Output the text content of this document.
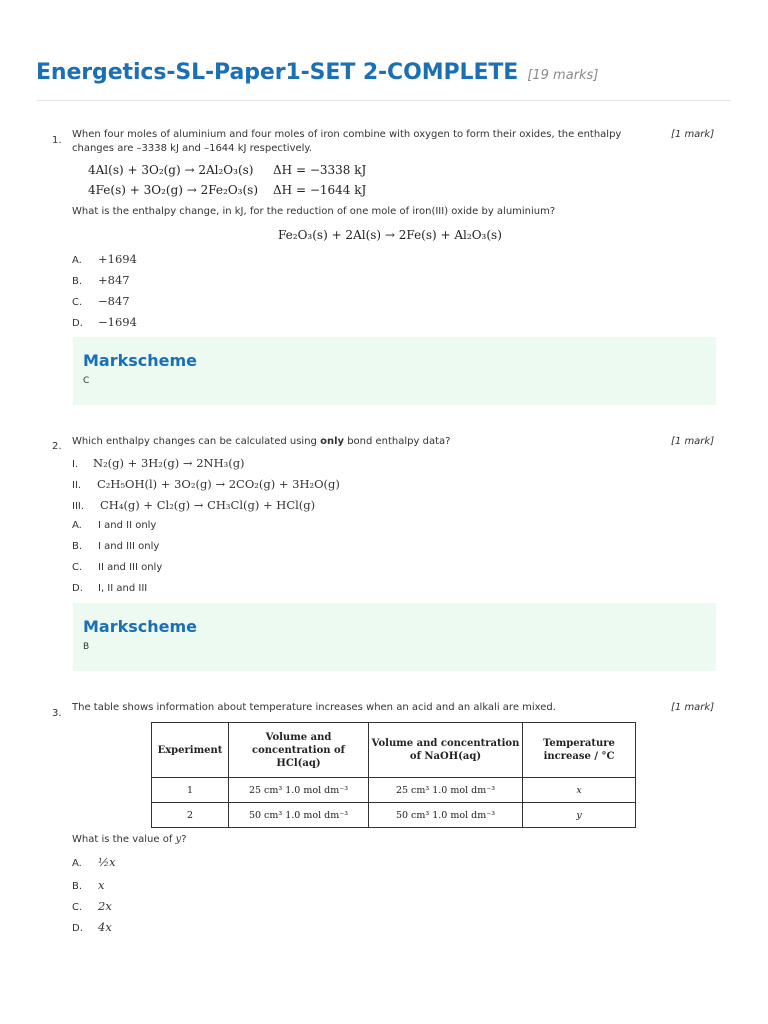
Energetics-SL-Paper1-SET 2-COMPLETE [19 marks]
1.
[1 mark]
When four moles of aluminium and four moles of iron combine with oxygen to form their oxides, the enthalpy changes are –3338 kJ and –1644 kJ respectively.
4Al(s) + 3O₂(g) → 2Al₂O₃(s) ΔH = −3338 kJ
4Fe(s) + 3O₂(g) → 2Fe₂O₃(s) ΔH = −1644 kJ
What is the enthalpy change, in kJ, for the reduction of one mole of iron(III) oxide by aluminium?
Fe₂O₃(s) + 2Al(s) → 2Fe(s) + Al₂O₃(s)
A. +1694
B. +847
C. −847
D. −1694
Markscheme
C
2.	[1 mark]
Which enthalpy changes can be calculated using only bond enthalpy data?
I. N₂(g) + 3H₂(g) → 2NH₃(g)
II. C₂H₅OH(l) + 3O₂(g) → 2CO₂(g) + 3H₂O(g)
III. CH₄(g) + Cl₂(g) → CH₃Cl(g) + HCl(g)
A. I and II only
B. I and III only
C. II and III only
D. I, II and III
Markscheme
B
3.
[1 mark]
The table shows information about temperature increases when an acid and an alkali are mixed.
Experiment	Volume and concentration of HCl(aq)	Volume and concentration of NaOH(aq)	Temperature increase / °C
1	25 cm³ 1.0 mol dm⁻³	25 cm³ 1.0 mol dm⁻³	x
2	50 cm³ 1.0 mol dm⁻³	50 cm³ 1.0 mol dm⁻³	y
What is the value of y?
A. ½x
B. x
C. 2x
D. 4x
